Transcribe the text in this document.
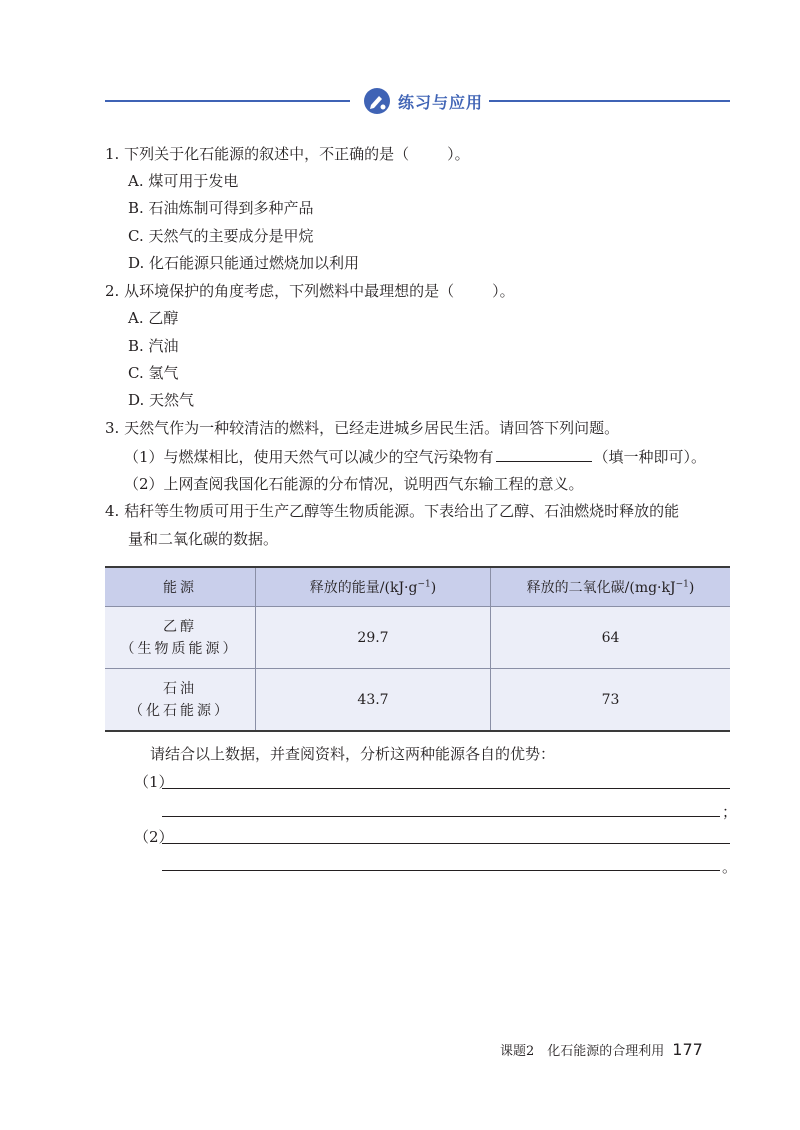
练习与应用
1. 下列关于化石能源的叙述中，不正确的是（	）。
A. 煤可用于发电
B. 石油炼制可得到多种产品
C. 天然气的主要成分是甲烷
D. 化石能源只能通过燃烧加以利用
2. 从环境保护的角度考虑，下列燃料中最理想的是（	）。
A. 乙醇
B. 汽油
C. 氢气
D. 天然气
3. 天然气作为一种较清洁的燃料，已经走进城乡居民生活。请回答下列问题。
（1）与燃煤相比，使用天然气可以减少的空气污染物有	（填一种即可）。
（2）上网查阅我国化石能源的分布情况，说明西气东输工程的意义。
4. 秸秆等生物质可用于生产乙醇等生物质能源。下表给出了乙醇、石油燃烧时释放的能
量和二氧化碳的数据。
能源	释放的能量$/(kJ\cdot g^{-1})$	释放的二氧化碳$/(mg\cdot kJ^{-1})$

乙醇
（生物质能源）	29.7	64

石油
（化石能源）	43.7	73
请结合以上数据，并查阅资料，分析这两种能源各自的优势：
（1）
；
（2）
。
课题2　化石能源的合理利用 177
